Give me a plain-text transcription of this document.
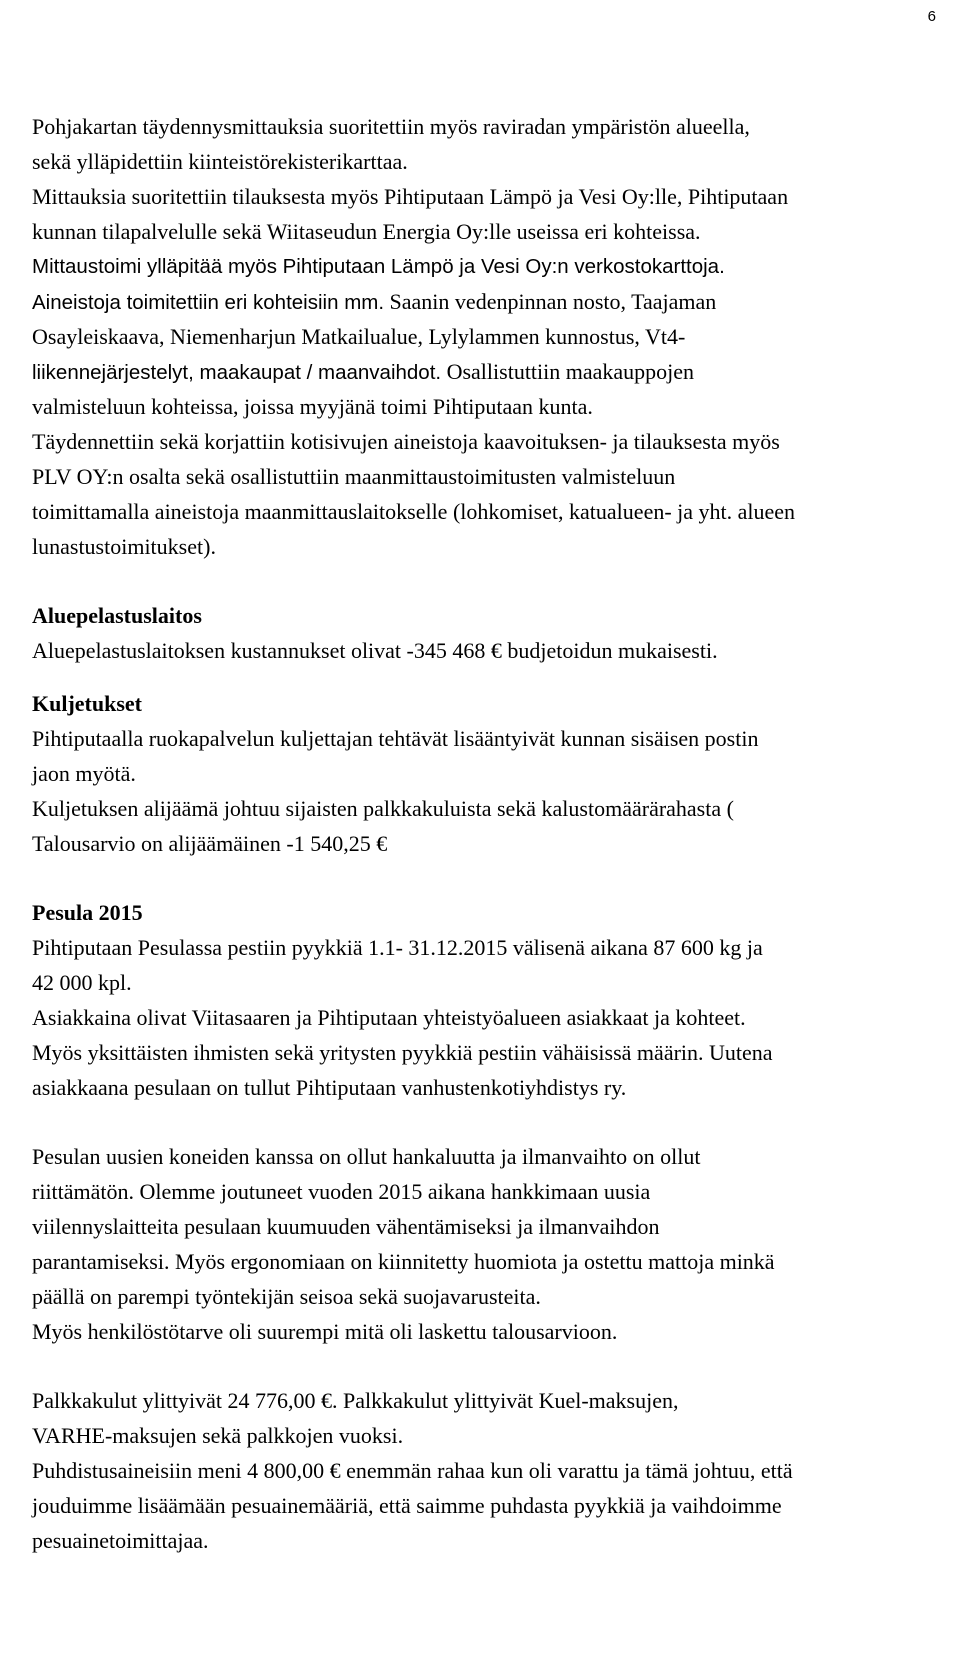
6
Pohjakartan täydennysmittauksia suoritettiin myös raviradan ympäristön alueella,
sekä ylläpidettiin kiinteistörekisterikarttaa.
Mittauksia suoritettiin tilauksesta myös Pihtiputaan Lämpö ja Vesi Oy:lle, Pihtiputaan
kunnan tilapalvelulle sekä Wiitaseudun Energia Oy:lle useissa eri kohteissa.
Mittaustoimi ylläpitää myös Pihtiputaan Lämpö ja Vesi Oy:n verkostokarttoja.
Aineistoja toimitettiin eri kohteisiin mm. Saanin vedenpinnan nosto, Taajaman
Osayleiskaava, Niemenharjun Matkailualue, Lylylammen kunnostus, Vt4-
liikennejärjestelyt, maakaupat / maanvaihdot. Osallistuttiin maakauppojen
valmisteluun kohteissa, joissa myyjänä toimi Pihtiputaan kunta.
Täydennettiin sekä korjattiin kotisivujen aineistoja kaavoituksen- ja tilauksesta myös
PLV OY:n osalta sekä osallistuttiin maanmittaustoimitusten valmisteluun
toimittamalla aineistoja maanmittauslaitokselle (lohkomiset, katualueen- ja yht. alueen
lunastustoimitukset).
Aluepelastuslaitos
Aluepelastuslaitoksen kustannukset olivat -345 468 € budjetoidun mukaisesti.
Kuljetukset
Pihtiputaalla ruokapalvelun kuljettajan tehtävät lisääntyivät kunnan sisäisen postin
jaon myötä.
Kuljetuksen alijäämä johtuu sijaisten palkkakuluista sekä kalustomäärärahasta (
Talousarvio on alijäämäinen -1 540,25 €
Pesula 2015
Pihtiputaan Pesulassa pestiin pyykkiä 1.1- 31.12.2015 välisenä aikana 87 600 kg ja
42 000 kpl.
Asiakkaina olivat Viitasaaren ja Pihtiputaan yhteistyöalueen asiakkaat ja kohteet.
Myös yksittäisten ihmisten sekä yritysten pyykkiä pestiin vähäisissä määrin. Uutena
asiakkaana pesulaan on tullut Pihtiputaan vanhustenkotiyhdistys ry.
Pesulan uusien koneiden kanssa on ollut hankaluutta ja ilmanvaihto on ollut
riittämätön. Olemme joutuneet vuoden 2015 aikana hankkimaan uusia
viilennyslaitteita pesulaan kuumuuden vähentämiseksi ja ilmanvaihdon
parantamiseksi. Myös ergonomiaan on kiinnitetty huomiota ja ostettu mattoja minkä
päällä on parempi työntekijän seisoa sekä suojavarusteita.
Myös henkilöstötarve oli suurempi mitä oli laskettu talousarvioon.
Palkkakulut ylittyivät 24 776,00 €. Palkkakulut ylittyivät Kuel-maksujen,
VARHE-maksujen sekä palkkojen vuoksi.
Puhdistusaineisiin meni 4 800,00 € enemmän rahaa kun oli varattu ja tämä johtuu, että
jouduimme lisäämään pesuainemääriä, että saimme puhdasta pyykkiä ja vaihdoimme
pesuainetoimittajaa.
